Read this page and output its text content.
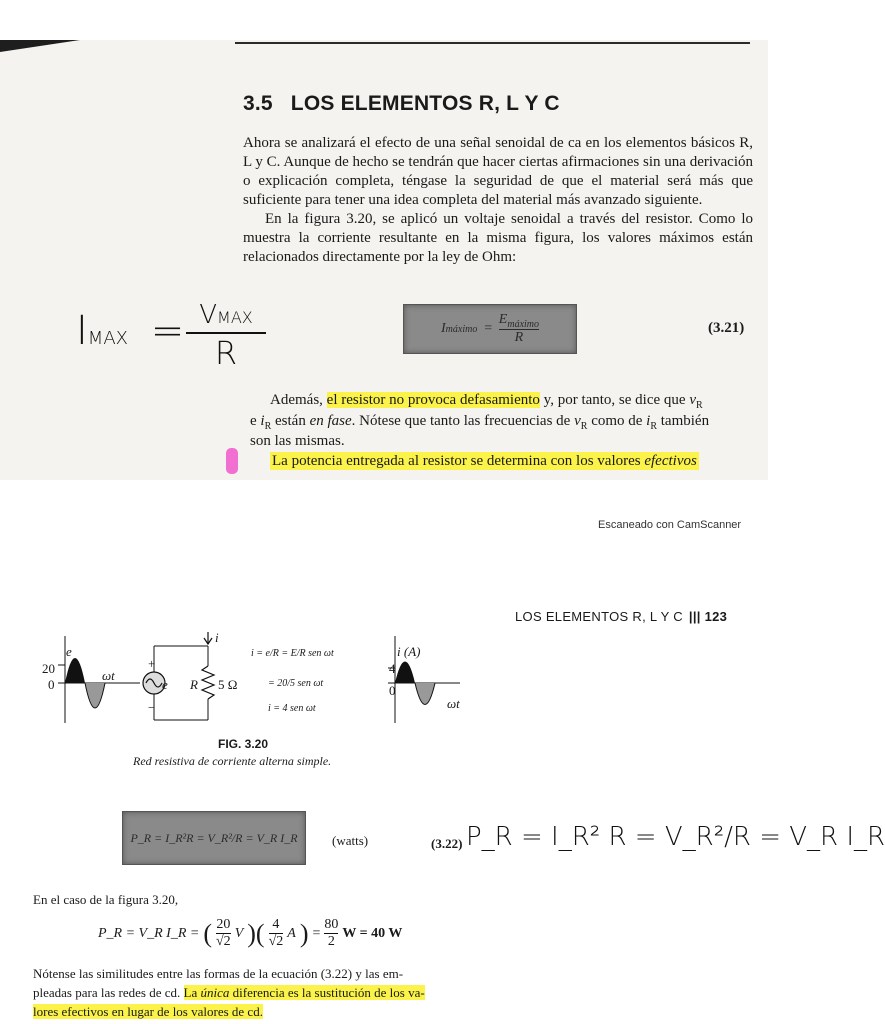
3.5 LOS ELEMENTOS R, L Y C
Ahora se analizará el efecto de una señal senoidal de ca en los elementos básicos R, L y C. Aunque de hecho se tendrán que hacer ciertas afirmaciones sin una derivación o explicación completa, téngase la seguridad de que el material será más que suficiente para tener una idea completa del material más avanzado siguiente.
En la figura 3.20, se aplicó un voltaje senoidal a través del resistor. Como lo muestra la corriente resultante en la misma figura, los valores máximos están relacionados directamente por la ley de Ohm:
IMAX = VMAX
R
I máximo =
$E_{máximo}$
R
(3.21)
Además, el resistor no provoca defasamiento y, por tanto, se dice que $v_R$
e $i_R$ están en fase. Nótese que tanto las frecuencias de $v_R$ como de $i_R$ también
son las mismas.
La potencia entregada al resistor se determina con los valores efectivos
Escaneado con CamScanner
LOS ELEMENTOS R, L Y C ||| 123
e
20
0
ωt
+
−
e R 5 Ω
i
i = e/R = E/R sen ωt
= 20/5 sen ωt
i = 4 sen ωt
i (A)
4
0
ωt
FIG. 3.20
Red resistiva de corriente alterna simple.
P_R = I_R²R = V_R²/R = V_R I_R	(watts)	(3.22) P_R = I_R² R = V_R²/R = V_R I_R
En el caso de la figura 3.20,
P_R = V_R I_R = ( 20
√2
V )( 4
√2
A ) = $\frac{80}{2}$ W = 40 W
Nótense las similitudes entre las formas de la ecuación (3.22) y las em-
pleadas para las redes de cd. La única diferencia es la sustitución de los va-
lores efectivos en lugar de los valores de cd.
